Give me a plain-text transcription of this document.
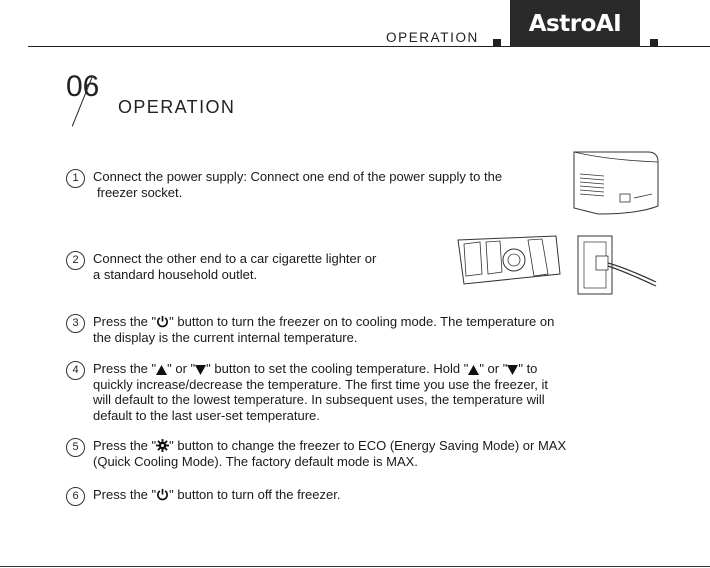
OPERATION
AstroAI
06
OPERATION
1	Connect the power supply: Connect one end of the power supply to the
freezer socket.
2	Connect the other end to a car cigarette lighter or
a standard household outlet.
3	Press the " " button to turn the freezer on to cooling mode. The temperature on
the display is the current internal temperature.
4	Press the " " or " " button to set the cooling temperature. Hold " " or " " to
quickly increase/decrease the temperature. The first time you use the freezer, it
will default to the lowest temperature. In subsequent uses, the temperature will
default to the last user-set temperature.
5	Press the " " button to change the freezer to ECO (Energy Saving Mode) or MAX
(Quick Cooling Mode). The factory default mode is MAX.
6	Press the " " button to turn off the freezer.
